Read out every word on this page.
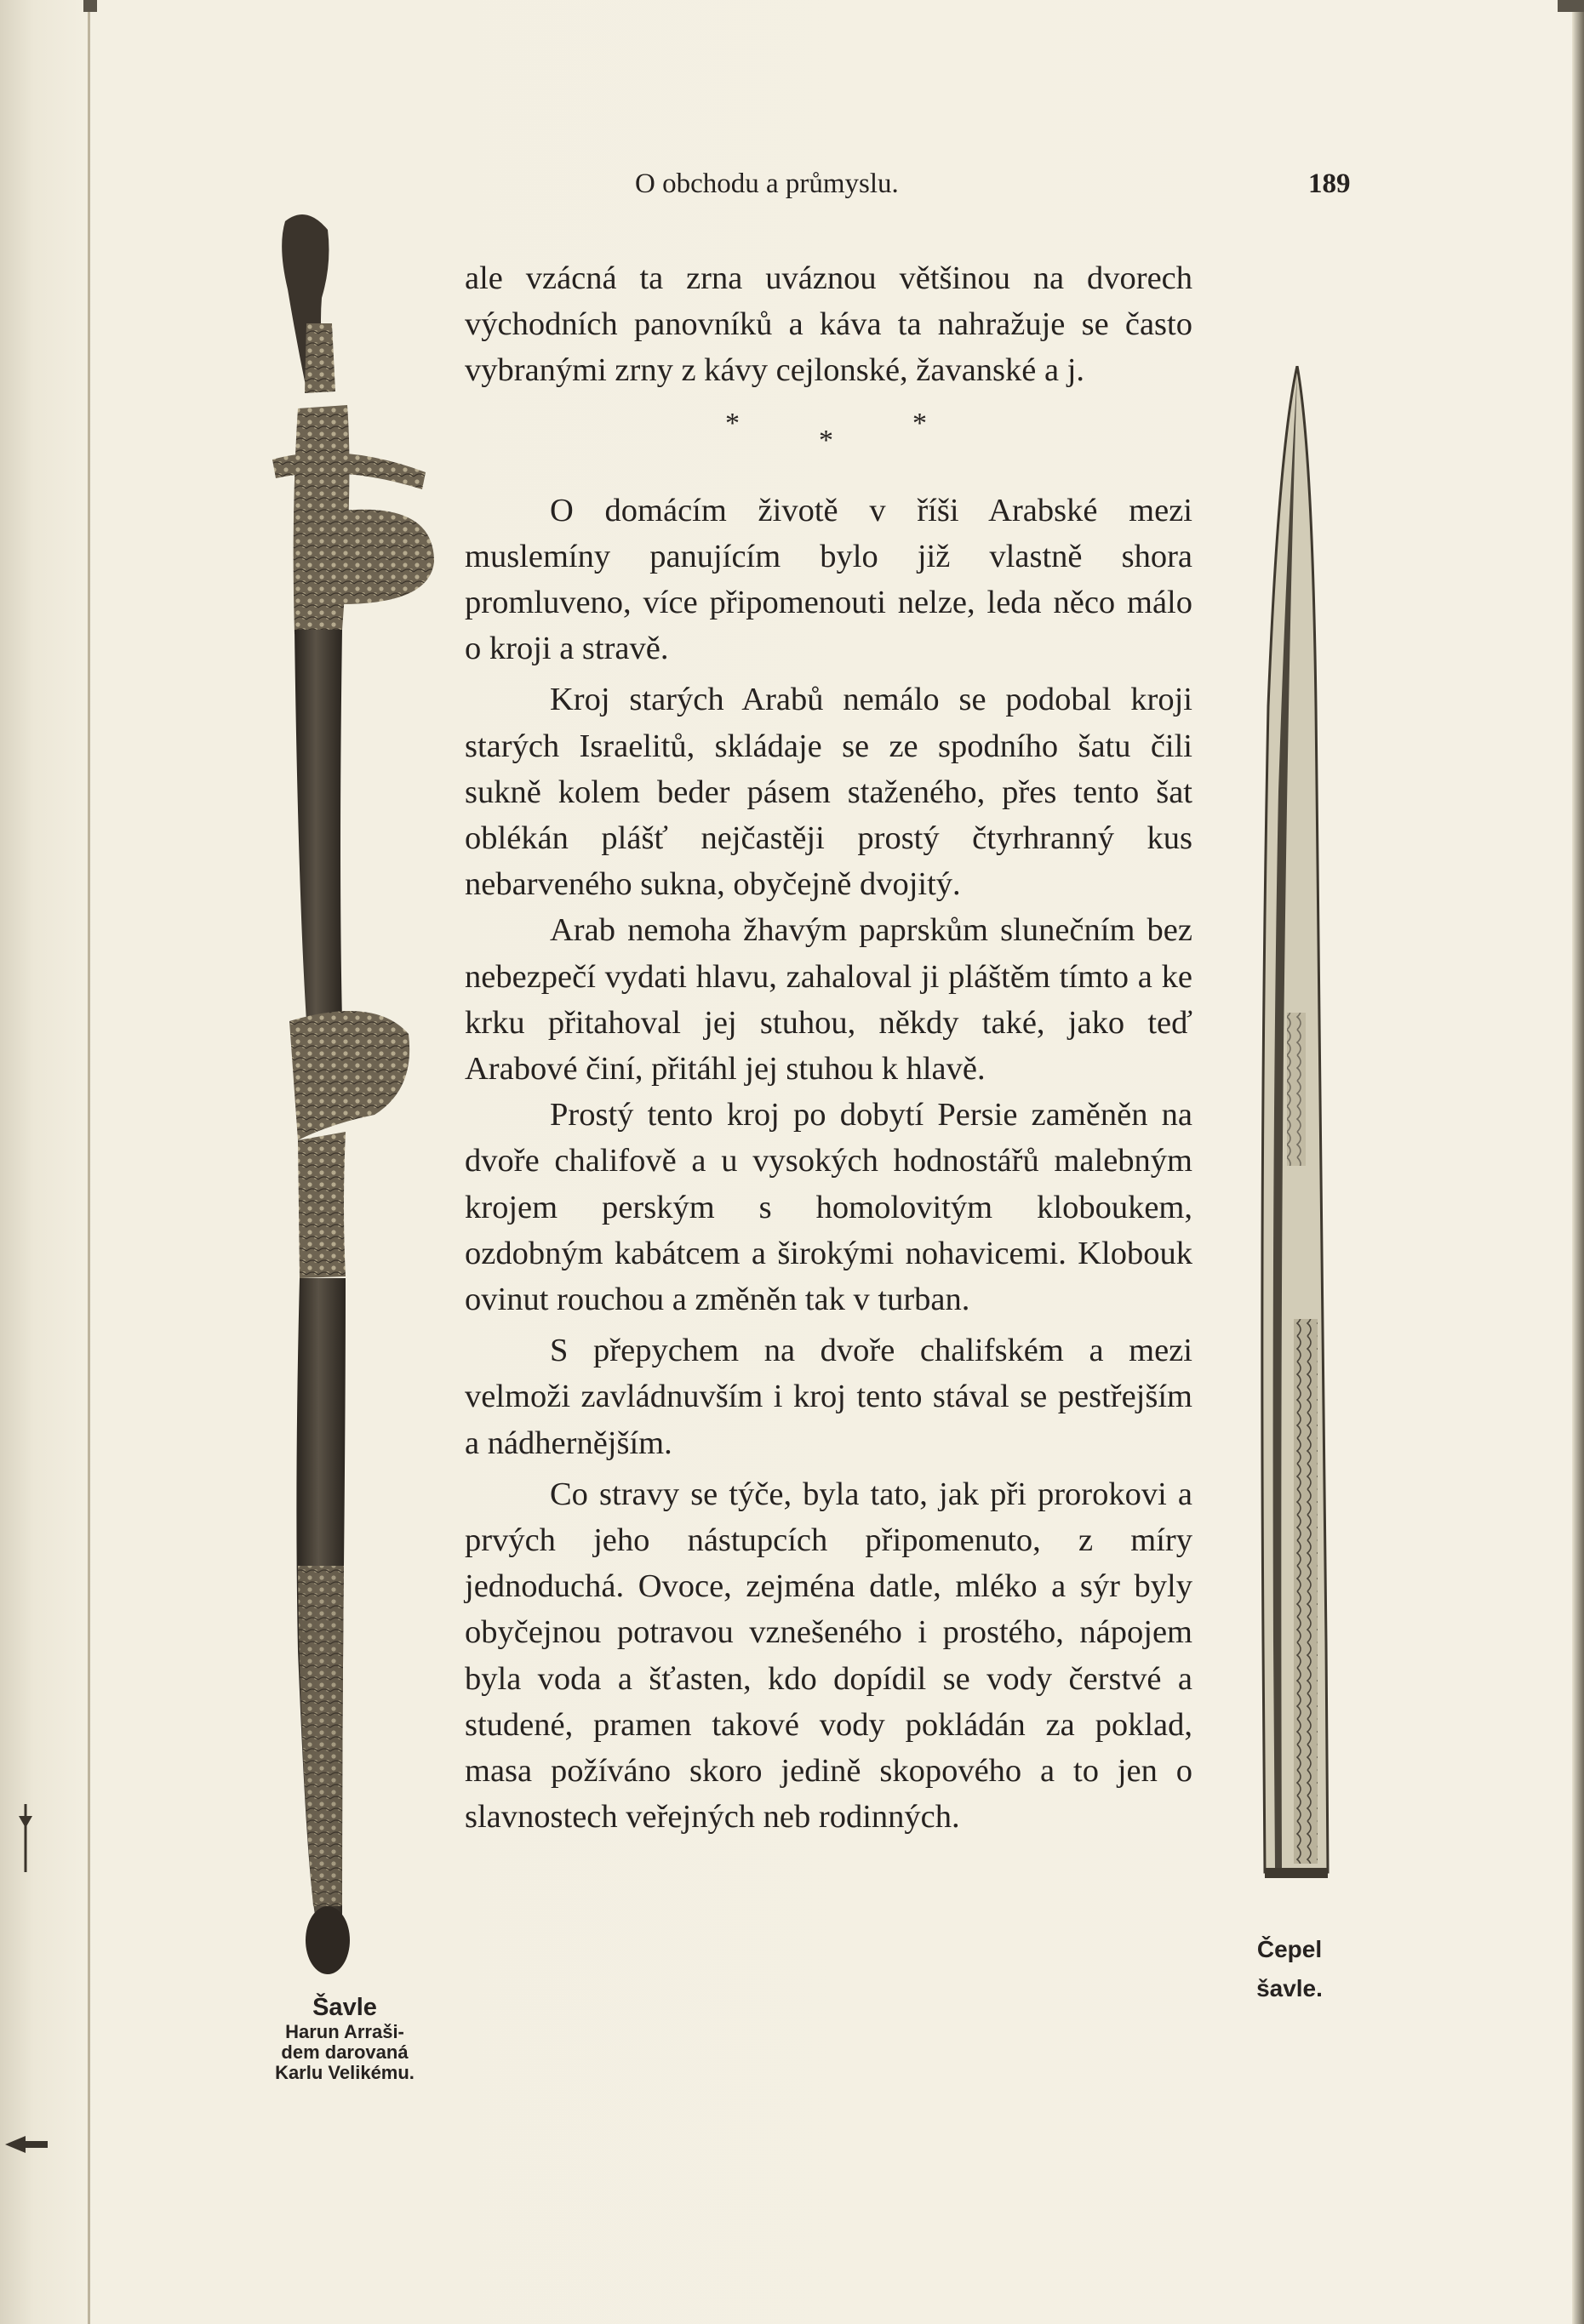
O obchodu a průmyslu.	189

ale vzácná ta zrna uváznou většinou na dvorech východních panovníků a káva ta nahražuje se často vybranými zrny z kávy cejlonské, žavanské a j.

*
*
*

O domácím životě v říši Arabské mezi muslemíny panujícím bylo již vlastně shora promluveno, více připomenouti nelze, leda něco málo o kroji a stravě.

Kroj starých Arabů nemálo se podobal kroji starých Israelitů, skládaje se ze spodního šatu čili sukně kolem beder pásem staženého, přes tento šat oblékán plášť nejčastěji prostý čtyrhranný kus nebarveného sukna, obyčejně dvojitý.

Arab nemoha žhavým paprskům slunečním bez nebezpečí vydati hlavu, zahaloval ji pláštěm tímto a ke krku přitahoval jej stuhou, někdy také, jako teď Arabové činí, přitáhl jej stuhou k hlavě.

Prostý tento kroj po dobytí Persie zaměněn na dvoře chalifově a u vysokých hodnostářů malebným krojem perským s homolovitým kloboukem, ozdobným kabátcem a širokými nohavicemi. Klobouk ovinut rouchou a změněn tak v turban.

S přepychem na dvoře chalifském a mezi velmoži zavládnuvším i kroj tento stával se pestřejším a nádhernějším.

Co stravy se týče, byla tato, jak při prorokovi a prvých jeho nástupcích připomenuto, z míry jednoduchá. Ovoce, zejména datle, mléko a sýr byly obyčejnou potravou vznešeného i prostého, nápojem byla voda a šťasten, kdo dopídil se vody čerstvé a studené, pramen takové vody pokládán za poklad, masa požíváno skoro jedině skopového a to jen o slavnostech veřejných neb rodinných.

Šavle
Harun Arraši-
dem darovaná
Karlu Velikému.
Čepel
šavle.
